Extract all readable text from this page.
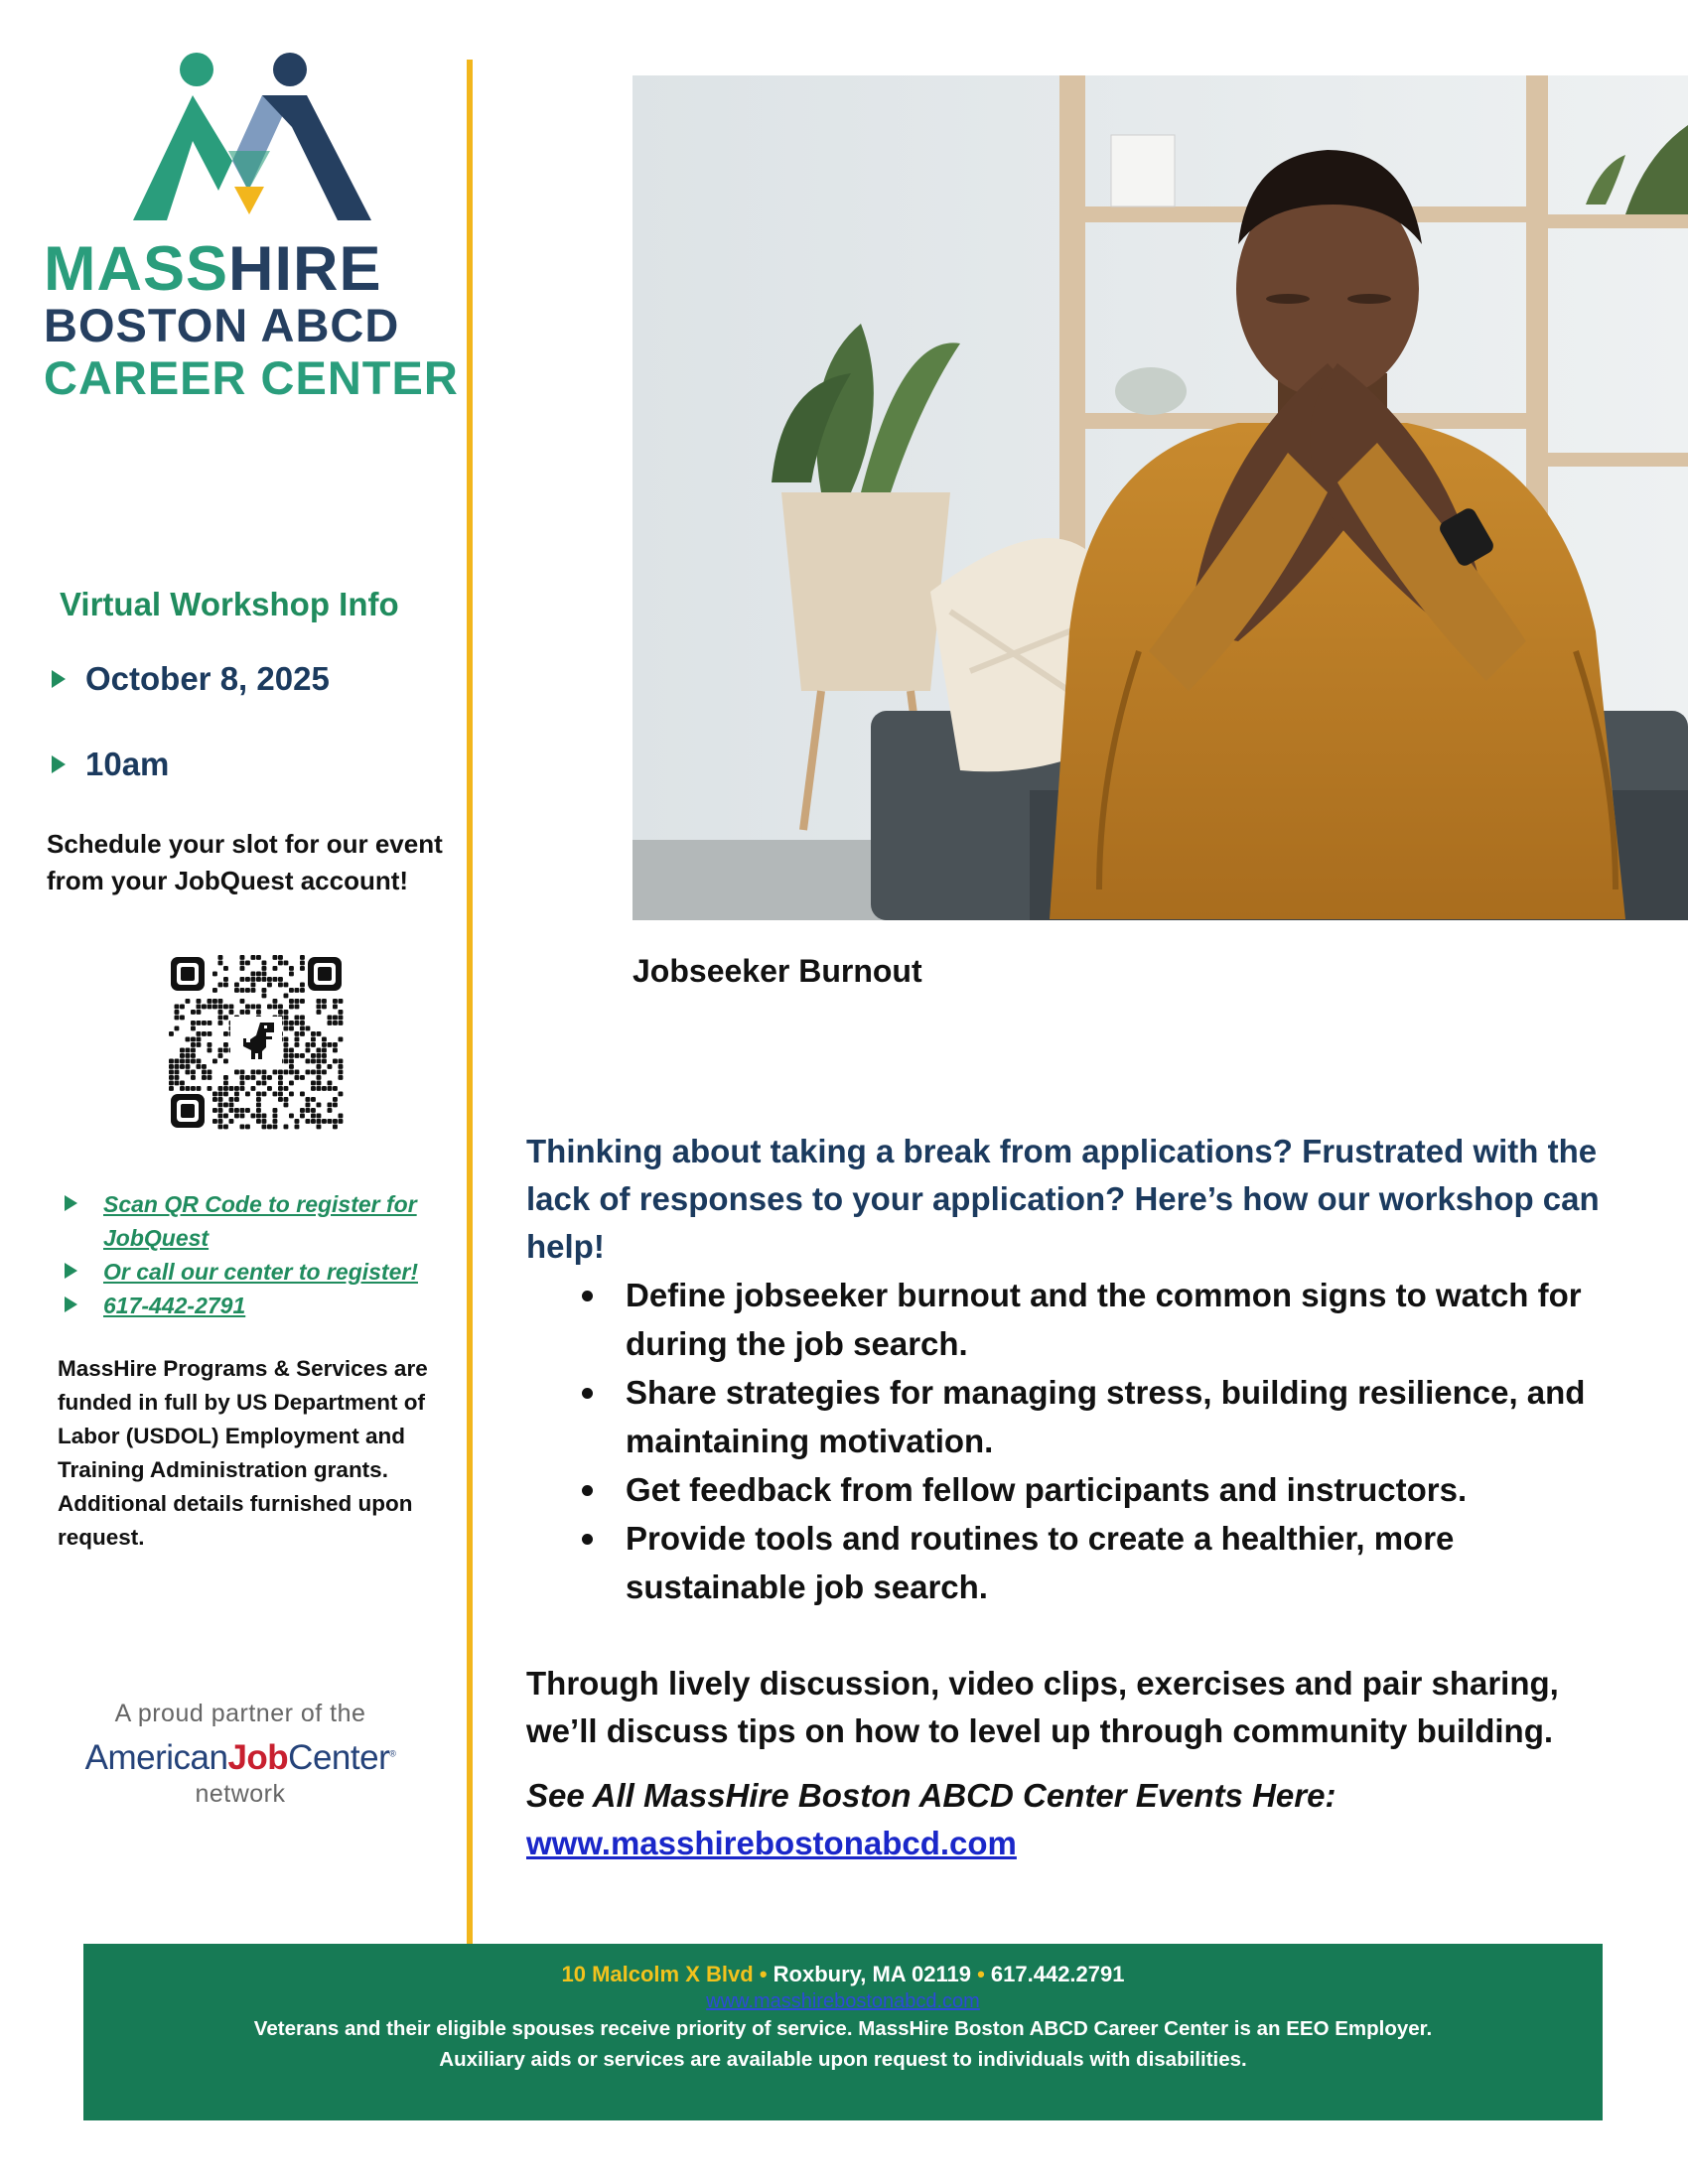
MASSHIRE
BOSTON ABCD
CAREER CENTER
Virtual Workshop Info
October 8, 2025
10am
Schedule your slot for our event from your JobQuest account!
Scan QR Code to register for JobQuest
Or call our center to register!
617-442-2791
MassHire Programs & Services are funded in full by US Department of Labor (USDOL) Employment and Training Administration grants. Additional details furnished upon request.
A proud partner of the
AmericanJobCenter®
network
Jobseeker Burnout
Thinking about taking a break from applications? Frustrated with the lack of responses to your application? Here’s how our workshop can help!
Define jobseeker burnout and the common signs to watch for during the job search.
Share strategies for managing stress, building resilience, and maintaining motivation.
Get feedback from fellow participants and instructors.
Provide tools and routines to create a healthier, more sustainable job search.
Through lively discussion, video clips, exercises and pair sharing, we’ll discuss tips on how to level up through community building.
See All MassHire Boston ABCD Center Events Here:
www.masshirebostonabcd.com
10 Malcolm X Blvd • Roxbury, MA 02119 • 617.442.2791
www.masshirebostonabcd.com
Veterans and their eligible spouses receive priority of service. MassHire Boston ABCD Career Center is an EEO Employer.
Auxiliary aids or services are available upon request to individuals with disabilities.
